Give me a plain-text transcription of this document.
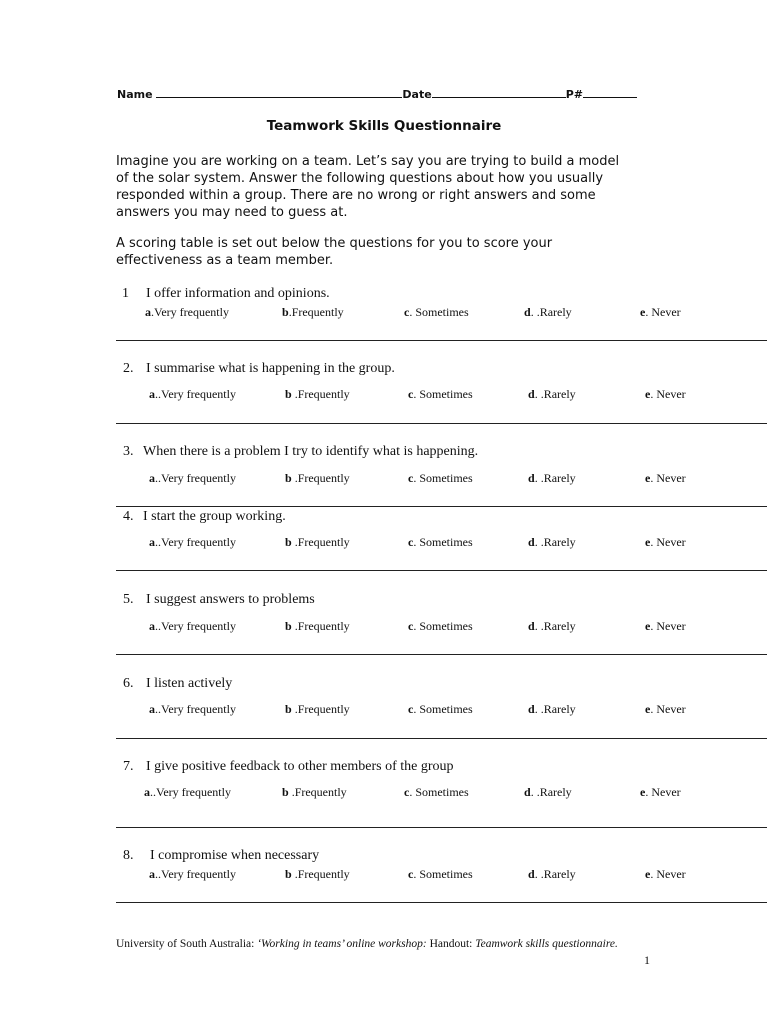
Name	Date	P#
Teamwork Skills Questionnaire
Imagine you are working on a team. Let’s say you are trying to build a model
of the solar system. Answer the following questions about how you usually
responded within a group. There are no wrong or right answers and some
answers you may need to guess at.
A scoring table is set out below the questions for you to score your
effectiveness as a team member.
1 I offer information and opinions.
a.Very frequently	b.Frequently	c. Sometimes	d. .Rarely	e. Never
2. I summarise what is happening in the group.
a..Very frequently	b .Frequently	c. Sometimes	d. .Rarely	e. Never
3. When there is a problem I try to identify what is happening.
a..Very frequently	b .Frequently	c. Sometimes	d. .Rarely	e. Never
4. I start the group working.
a..Very frequently	b .Frequently	c. Sometimes	d. .Rarely	e. Never
5. I suggest answers to problems
a..Very frequently	b .Frequently	c. Sometimes	d. .Rarely	e. Never
6. I listen actively
a..Very frequently	b .Frequently	c. Sometimes	d. .Rarely	e. Never
7. I give positive feedback to other members of the group
a..Very frequently	b .Frequently	c. Sometimes	d. .Rarely	e. Never
8. I compromise when necessary
a..Very frequently	b .Frequently	c. Sometimes	d. .Rarely	e. Never
University of South Australia: ‘Working in teams’ online workshop: Handout: Teamwork skills questionnaire.
1
